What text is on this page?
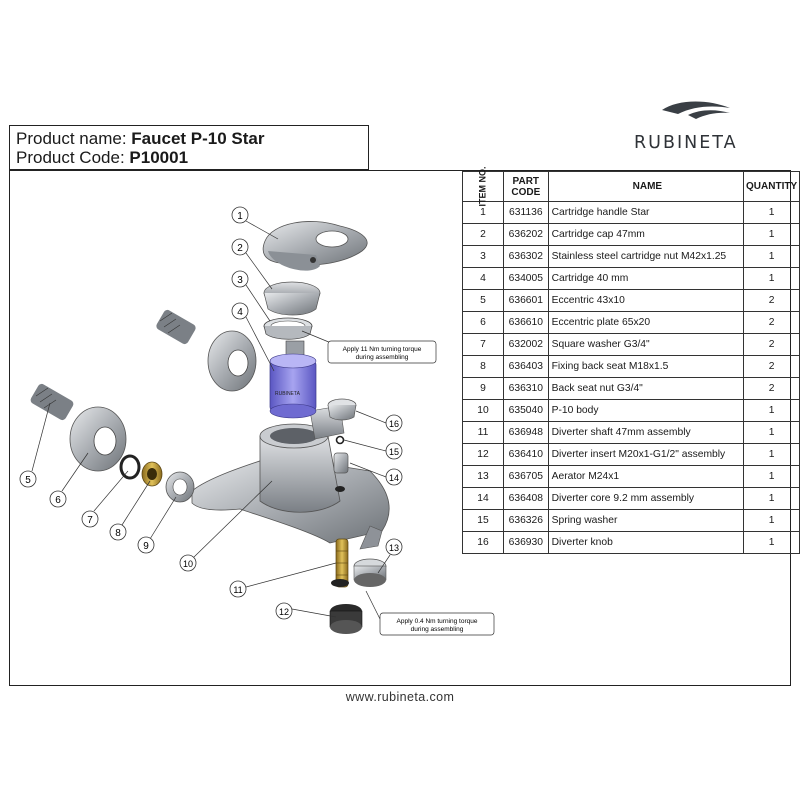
RUBINETA
Product name: Faucet P-10 Star
Product Code: P10001
RUBINETA
1
2
3
4
5
6
7
8
9
10
11
12
13
14
15
16
Apply 11 Nm turning torque
during assembling
Apply 0.4 Nm turning torque
during assembling
ITEM NO.	PART CODE	NAME	QUANTITY
1	631136	Cartridge handle Star	1
2	636202	Cartridge cap 47mm	1
3	636302	Stainless steel cartridge nut M42x1.25	1
4	634005	Cartridge 40 mm	1
5	636601	Eccentric 43x10	2
6	636610	Eccentric plate 65x20	2
7	632002	Square washer G3/4"	2
8	636403	Fixing back seat M18x1.5	2
9	636310	Back seat nut G3/4"	2
10	635040	P-10 body	1
11	636948	Diverter shaft 47mm assembly	1
12	636410	Diverter insert M20x1-G1/2" assembly	1
13	636705	Aerator M24x1	1
14	636408	Diverter core 9.2 mm assembly	1
15	636326	Spring washer	1
16	636930	Diverter knob	1
www.rubineta.com
